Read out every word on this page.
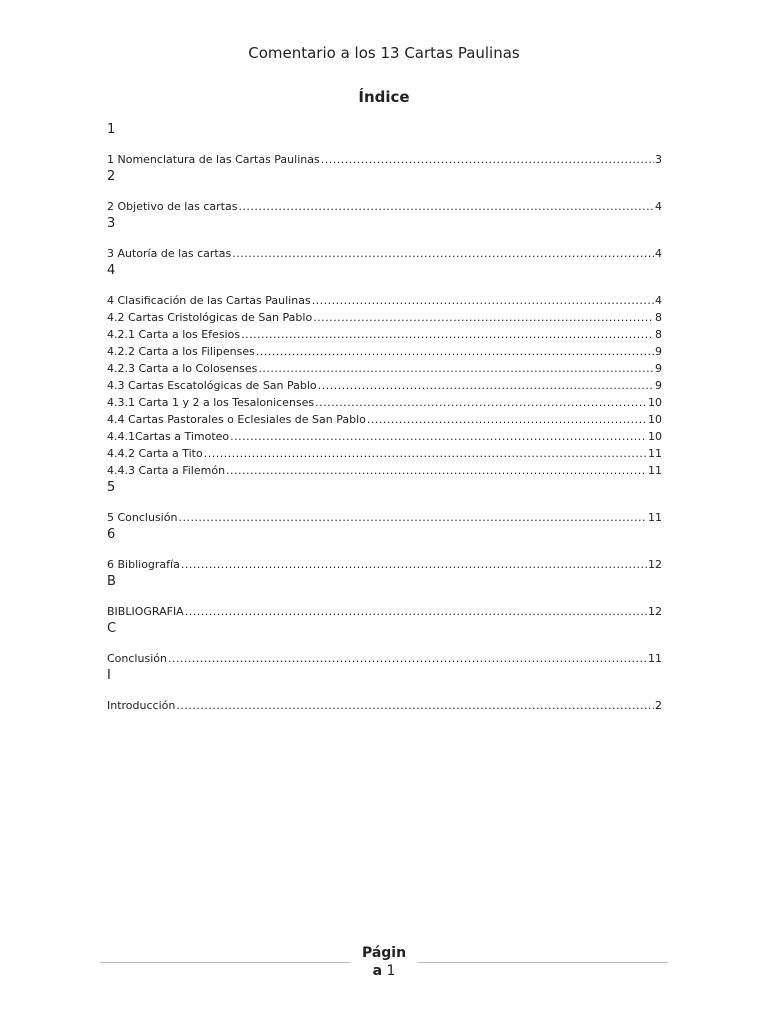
Comentario a los 13 Cartas Paulinas
Índice
1
1 Nomenclatura de las Cartas Paulinas .....	3
2
2 Objetivo de las cartas .....	4
3
3 Autoría de las cartas .....	4
4
4 Clasificación de las Cartas Paulinas .....	4
4.2 Cartas Cristológicas de San Pablo .....	8
4.2.1 Carta a los Efesios .....	8
4.2.2 Carta a los Filipenses .....	9
4.2.3 Carta a lo Colosenses .....	9
4.3 Cartas Escatológicas de San Pablo .....	9
4.3.1 Carta 1 y 2 a los Tesalonicenses .....	10
4.4 Cartas Pastorales o Eclesiales de San Pablo .....	10
4.4.1Cartas a Timoteo .....	10
4.4.2 Carta a Tito .....	11
4.4.3 Carta a Filemón .....	11
5
5 Conclusión .....	11
6
6 Bibliografía .....	12
B
BIBLIOGRAFIA .....	12
C
Conclusión .....	11
I
Introducción .....	2
Págin
a 1
